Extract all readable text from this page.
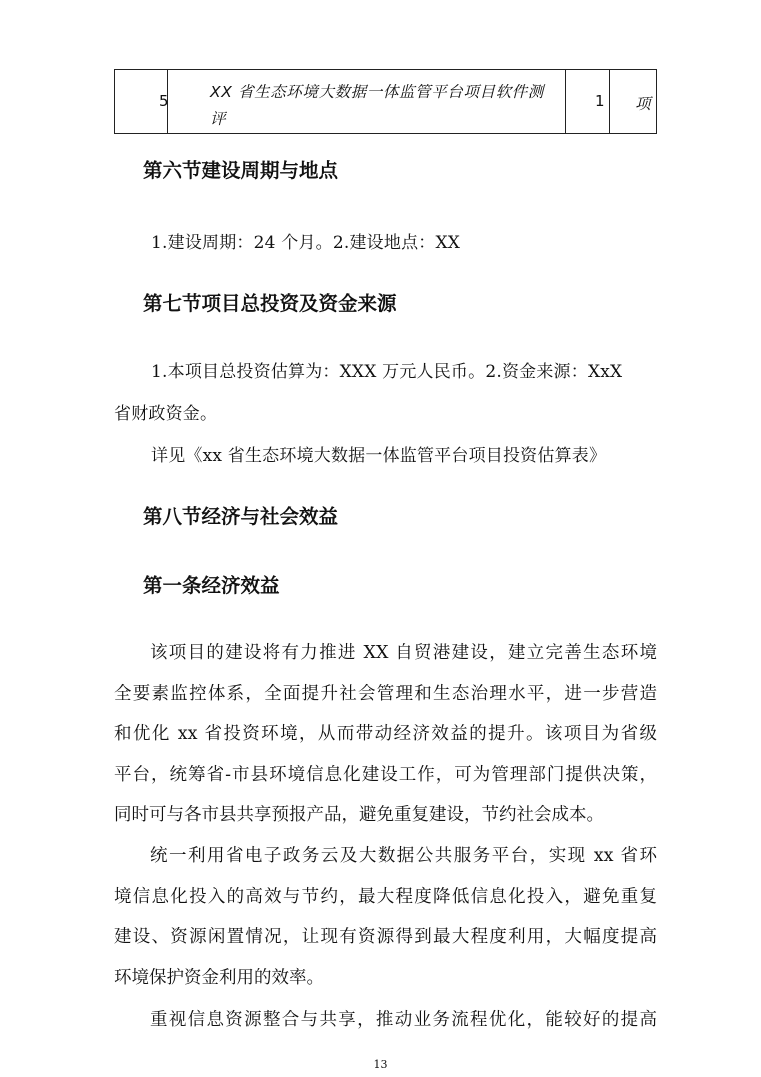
5	XX 省生态环境大数据一体监管平台项目软件测
评
1 项
第六节建设周期与地点
1.建设周期：24 个月。2.建设地点：XX
第七节项目总投资及资金来源
1.本项目总投资估算为：XXX 万元人民币。2.资金来源：XxX
省财政资金。
详见《xx 省生态环境大数据一体监管平台项目投资估算表》
第八节经济与社会效益
第一条经济效益
该项目的建设将有力推进 XX 自贸港建设，建立完善生态环境
全要素监控体系，全面提升社会管理和生态治理水平，进一步营造
和优化 xx 省投资环境，从而带动经济效益的提升。该项目为省级
平台，统筹省-市县环境信息化建设工作，可为管理部门提供决策，
同时可与各市县共享预报产品，避免重复建设，节约社会成本。
统一利用省电子政务云及大数据公共服务平台，实现 xx 省环
境信息化投入的高效与节约，最大程度降低信息化投入，避免重复
建设、资源闲置情况，让现有资源得到最大程度利用，大幅度提高
环境保护资金利用的效率。
重视信息资源整合与共享，推动业务流程优化，能较好的提高
13
